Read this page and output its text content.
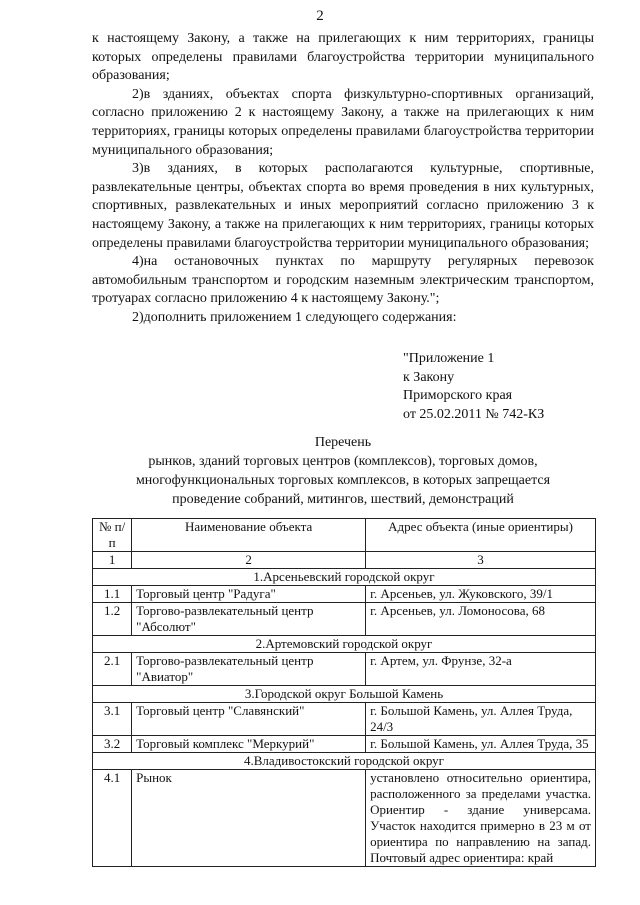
2

к настоящему Закону, а также на прилегающих к ним территориях, границы которых определены правилами благоустройства территории муниципального образования;

2)в зданиях, объектах спорта физкультурно-спортивных организаций, согласно приложению 2 к настоящему Закону, а также на прилегающих к ним территориях, границы которых определены правилами благоустройства территории муниципального образования;

3)в зданиях, в которых располагаются культурные, спортивные, развлекательные центры, объектах спорта во время проведения в них культурных, спортивных, развлекательных и иных мероприятий согласно приложению 3 к настоящему Закону, а также на прилегающих к ним территориях, границы которых определены правилами благоустройства территории муниципального образования;

4)на остановочных пунктах по маршруту регулярных перевозок автомобильным транспортом и городским наземным электрическим транспортом, тротуарах согласно приложению 4 к настоящему Закону.";

2)дополнить приложением 1 следующего содержания:

"Приложение 1
к Закону
Приморского края
от 25.02.2011 № 742-КЗ
Перечень
рынков, зданий торговых центров (комплексов), торговых домов,
многофункциональных торговых комплексов, в которых запрещается
проведение собраний, митингов, шествий, демонстраций
№ п/п	Наименование объекта	Адрес объекта (иные ориентиры)
1	2	3
1.Арсеньевский городской округ		
1.1	Торговый центр "Радуга"	г. Арсеньев, ул. Жуковского, 39/1
1.2	Торгово-развлекательный центр "Абсолют"	г. Арсеньев, ул. Ломоносова, 68
2.Артемовский городской округ		
2.1	Торгово-развлекательный центр "Авиатор"	г. Артем, ул. Фрунзе, 32-а
3.Городской округ Большой Камень		
3.1	Торговый центр "Славянский"	г. Большой Камень, ул. Аллея Труда, 24/3
3.2	Торговый комплекс "Меркурий"	г. Большой Камень, ул. Аллея Труда, 35
4.Владивостокский городской округ		
4.1	Рынок	установлено относительно ориентира, расположенного за пределами участка. Ориентир - здание универсама. Участок находится примерно в 23 м от ориентира по направлению на запад. Почтовый адрес ориентира: край
